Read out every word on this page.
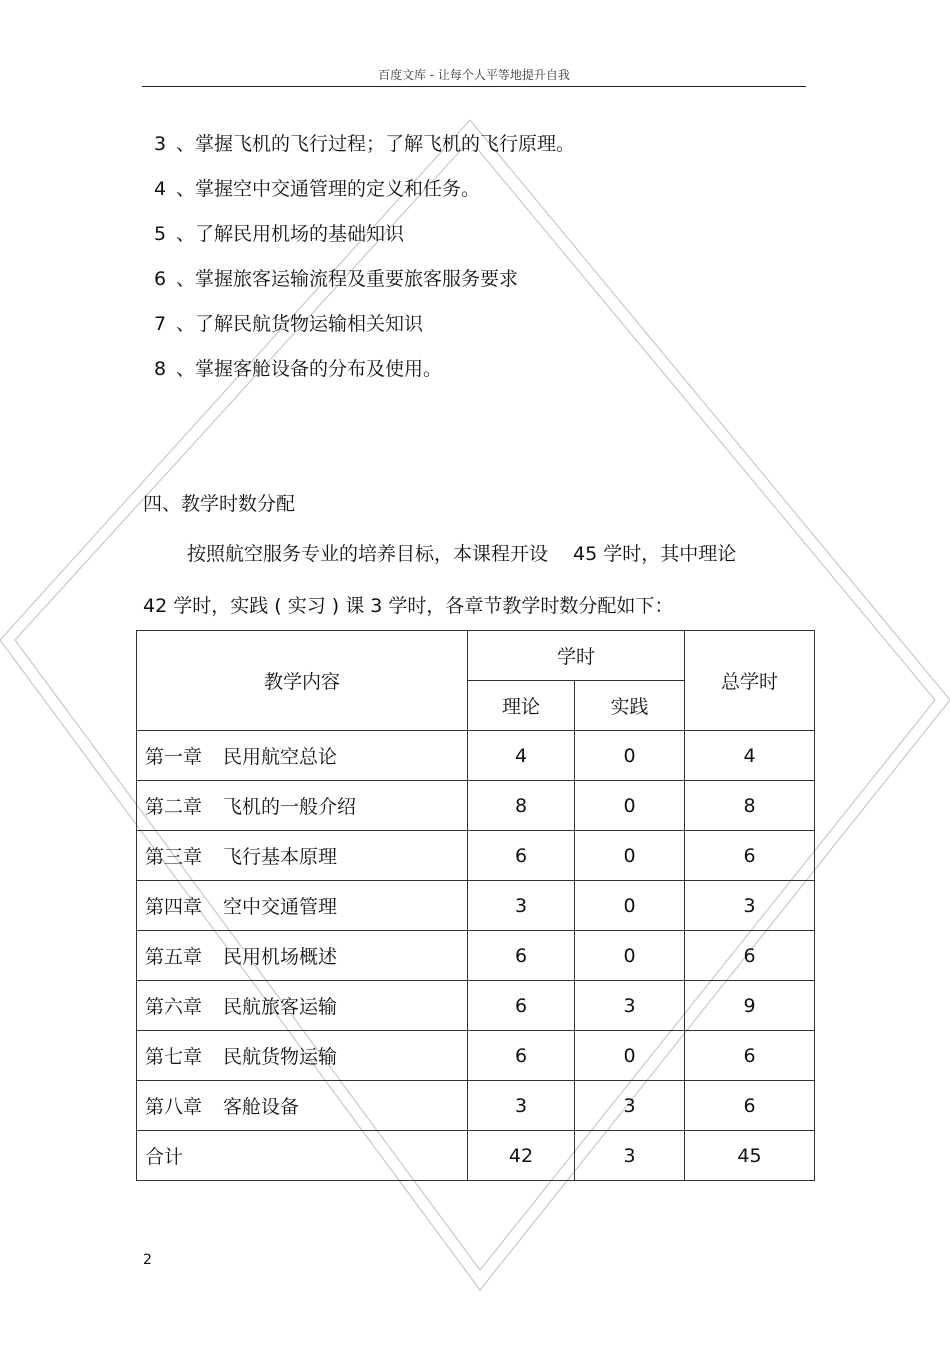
百度文库 - 让每个人平等地提升自我
3 、掌握飞机的飞行过程；了解飞机的飞行原理。
4 、掌握空中交通管理的定义和任务。
5 、了解民用机场的基础知识
6 、掌握旅客运输流程及重要旅客服务要求
7 、了解民航货物运输相关知识
8 、掌握客舱设备的分布及使用。
四、教学时数分配
按照航空服务专业的培养目标，本课程开设　 45 学时，其中理论
42 学时，实践 ( 实习 ) 课 3 学时，各章节教学时数分配如下：
教学内容	学时		总学时
	理论	实践	
第一章 民用航空总论	4	0	4
第二章 飞机的一般介绍	8	0	8
第三章 飞行基本原理	6	0	6
第四章 空中交通管理	3	0	3
第五章 民用机场概述	6	0	6
第六章 民航旅客运输	6	3	9
第七章 民航货物运输	6	0	6
第八章 客舱设备	3	3	6
合计	42	3	45
2
